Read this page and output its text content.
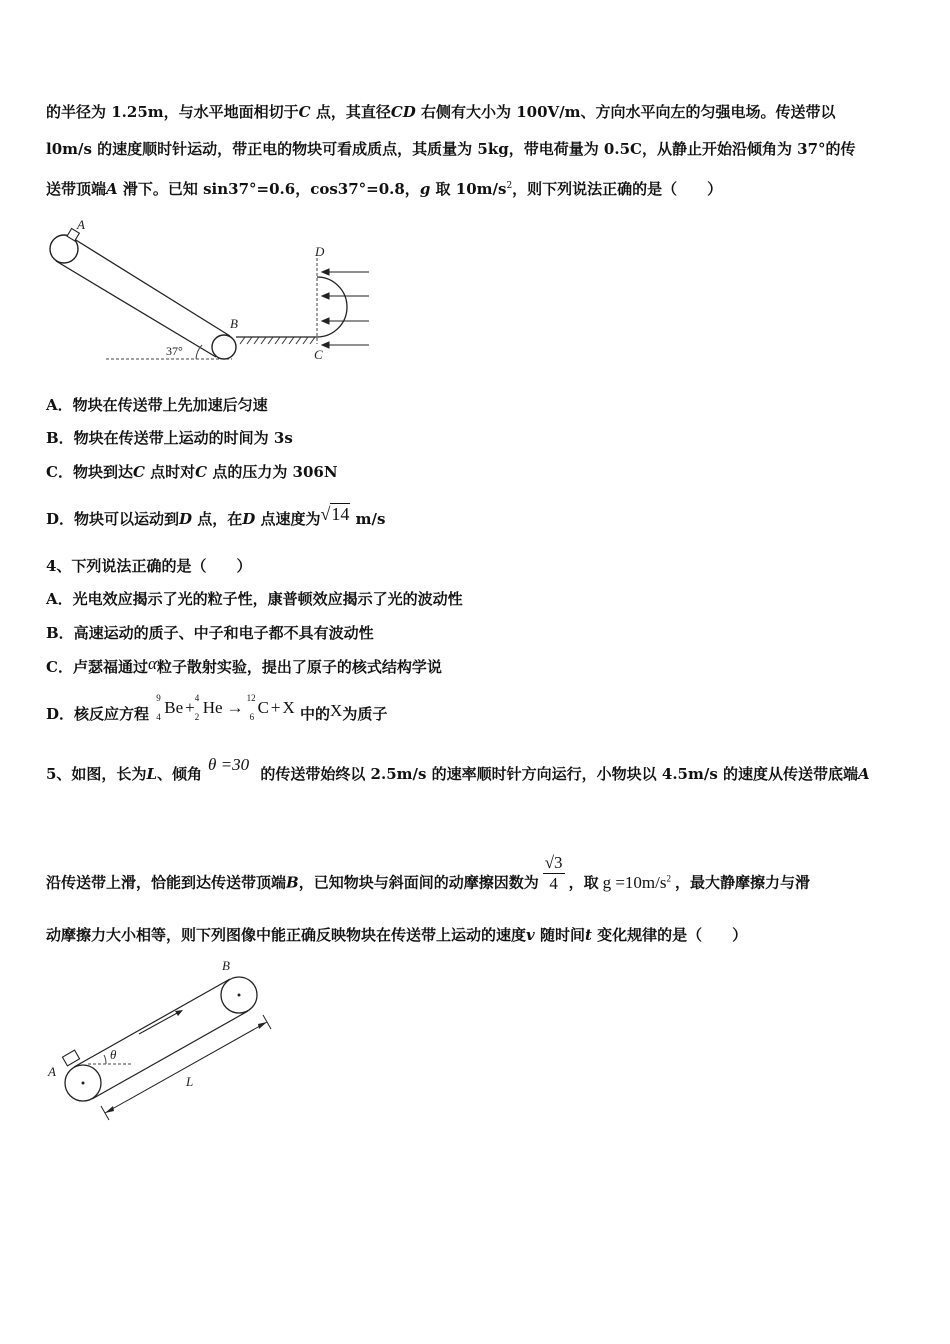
的半径为 1.25m，与水平地面相切于C 点，其直径CD 右侧有大小为 100V/m、方向水平向左的匀强电场。传送带以
l0m/s 的速度顺时针运动，带正电的物块可看成质点，其质量为 5kg，带电荷量为 0.5C，从静止开始沿倾角为 37°的传
送带顶端A 滑下。已知 sin37°=0.6，cos37°=0.8，g 取 $10m/s^2$，则下列说法正确的是（　　）
37°
A
B
D
C
A．物块在传送带上先加速后匀速
B．物块在传送带上运动的时间为 3s
C．物块到达C 点时对C 点的压力为 306N
D．物块可以运动到D 点，在D 点速度为√14 m/s
4、下列说法正确的是（　　）
A．光电效应揭示了光的粒子性，康普顿效应揭示了光的波动性
B．高速运动的质子、中子和电子都不具有波动性
C．卢瑟福通过α粒子散射实验，提出了原子的核式结构学说
D．核反应方程
9
4 Be + 4
2 He → 12
6 C + X 中的X为质子
5、如图，长为L、倾角 θ =30 的传送带始终以 2.5m/s 的速率顺时针方向运行，小物块以 4.5m/s 的速度从传送带底端A
沿传送带上滑，恰能到达传送带顶端B，已知物块与斜面间的动摩擦因数为 $\frac{√3}{4}$ ，取 $g =10m/s^2$ ，最大静摩擦力与滑
动摩擦力大小相等，则下列图像中能正确反映物块在传送带上运动的速度v 随时间t 变化规律的是（　　）
θ
L
A
B
